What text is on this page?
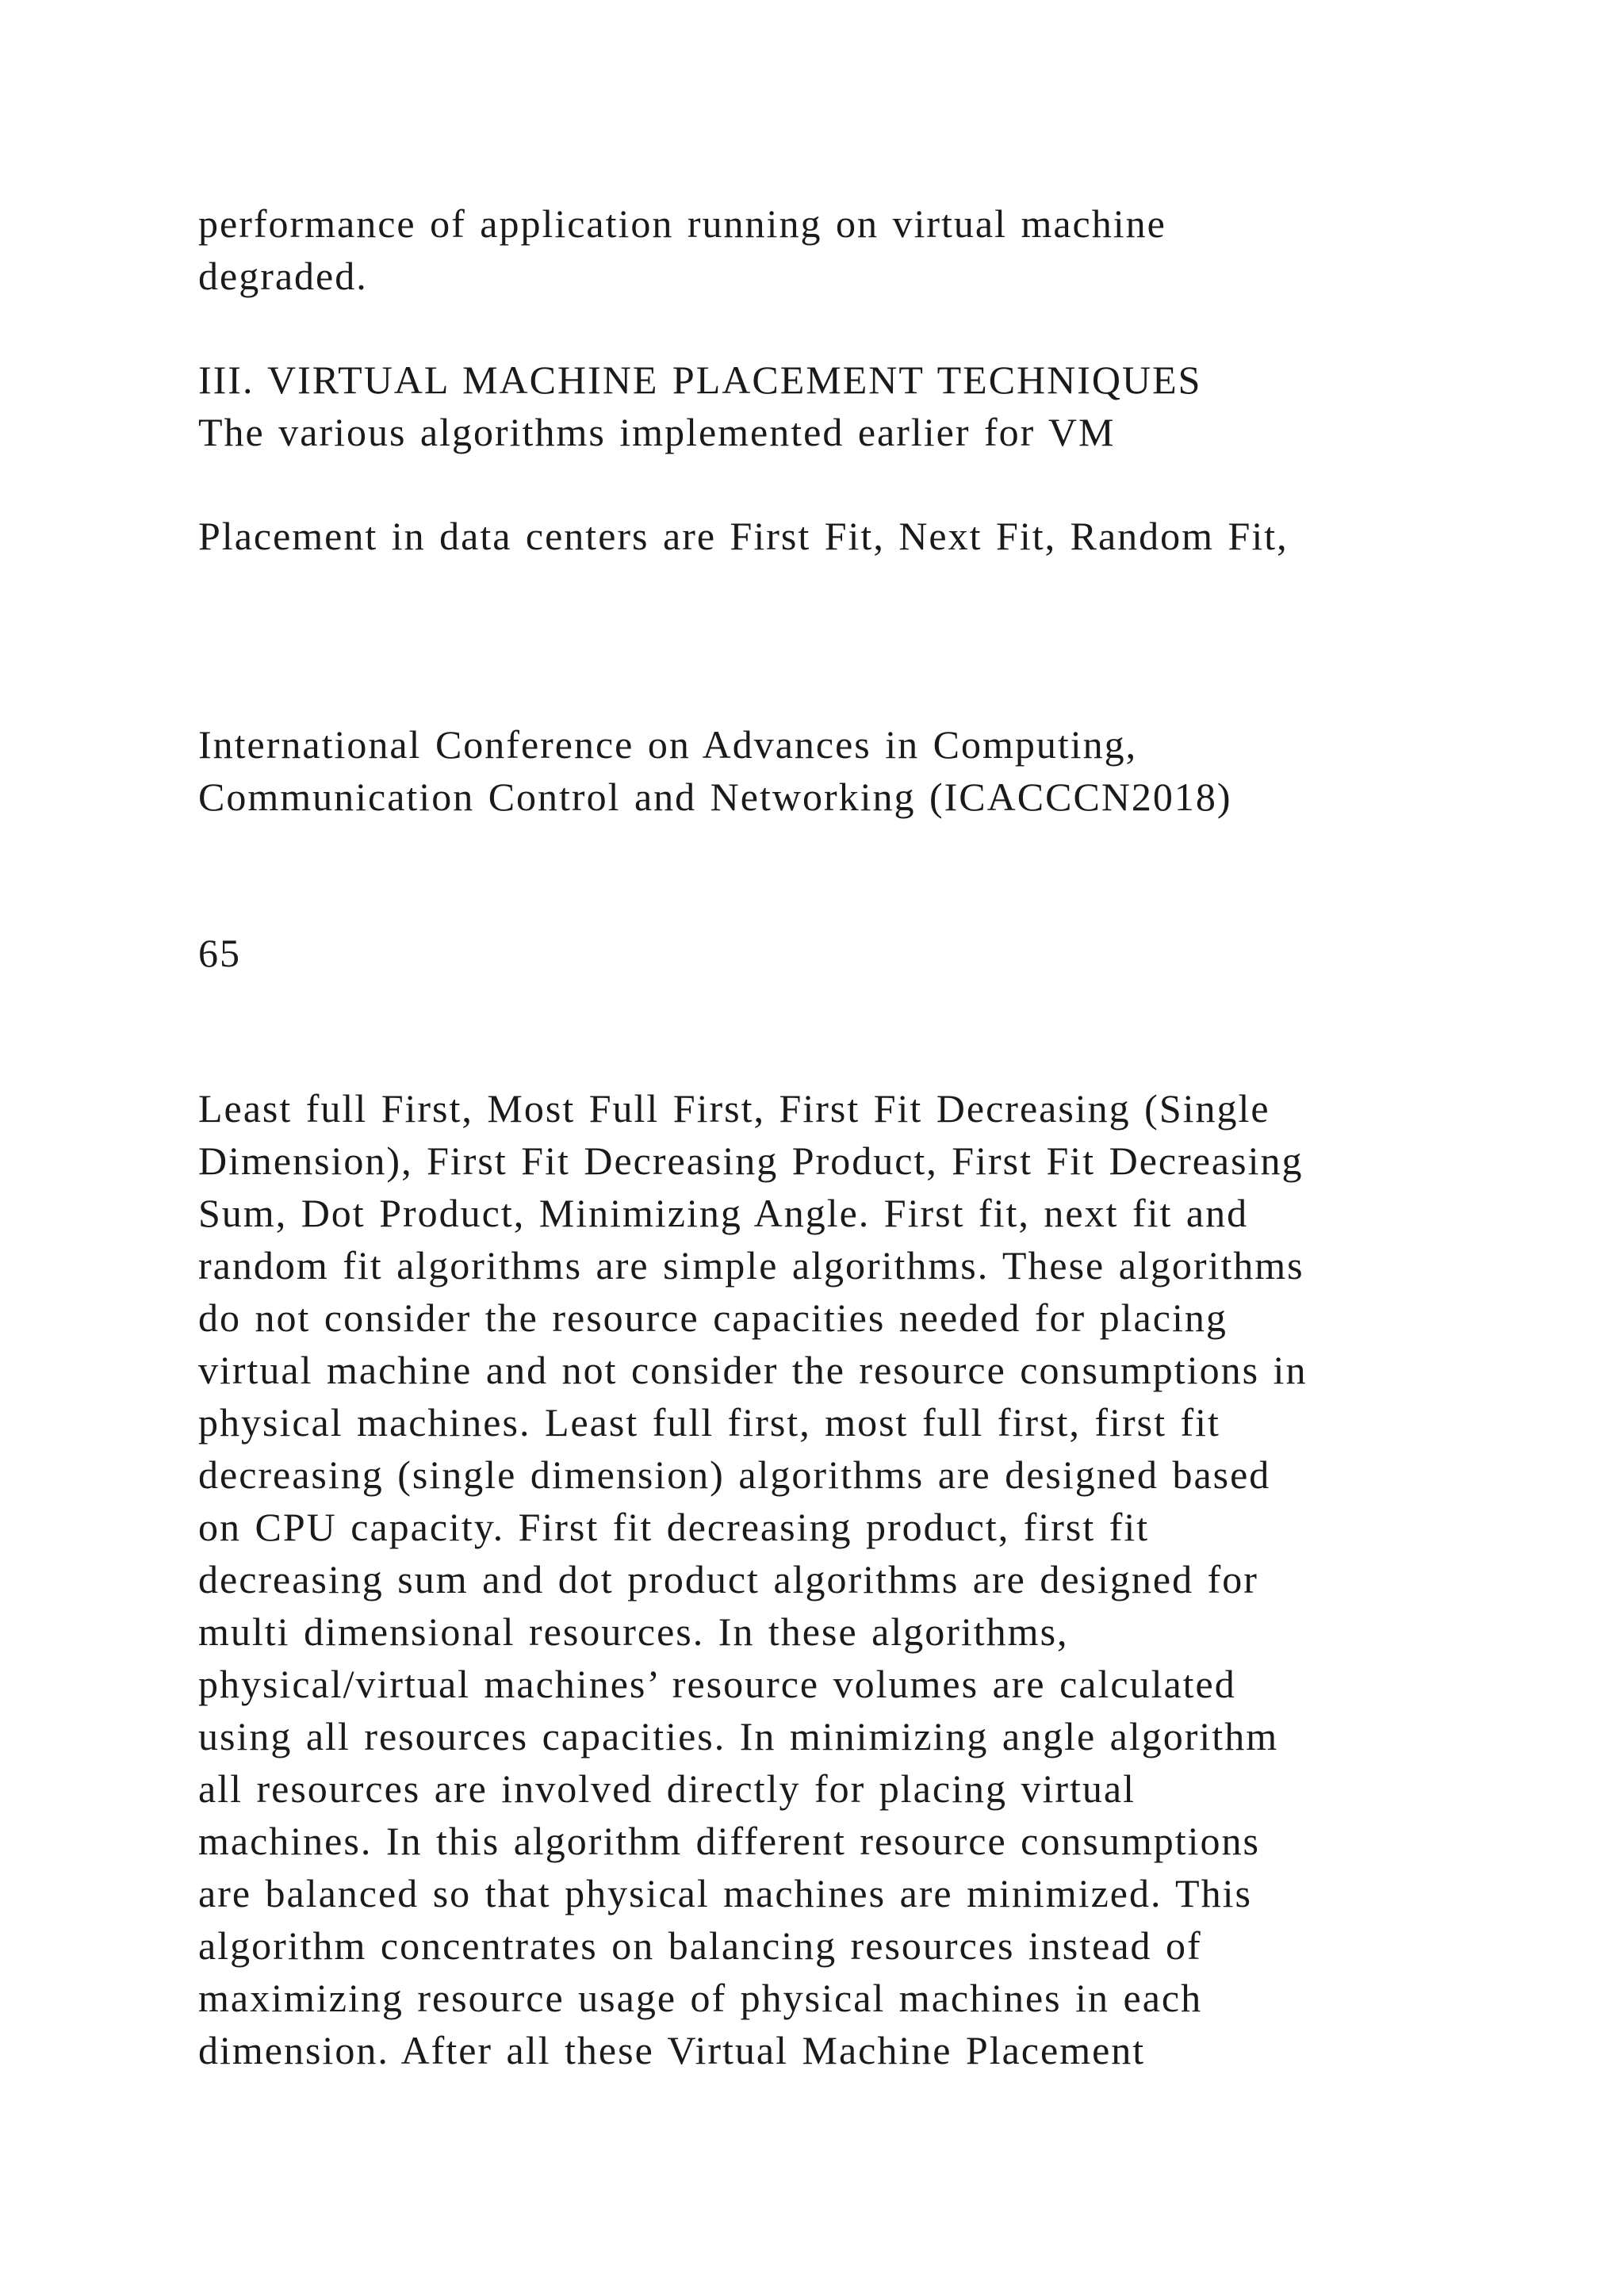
performance of application running on virtual machine
degraded.
III. VIRTUAL MACHINE PLACEMENT TECHNIQUES
The various algorithms implemented earlier for VM
Placement in data centers are First Fit, Next Fit, Random Fit,
International Conference on Advances in Computing,
Communication Control and Networking (ICACCCN2018)
65
Least full First, Most Full First, First Fit Decreasing (Single
Dimension), First Fit Decreasing Product, First Fit Decreasing
Sum, Dot Product, Minimizing Angle. First fit, next fit and
random fit algorithms are simple algorithms. These algorithms
do not consider the resource capacities needed for placing
virtual machine and not consider the resource consumptions in
physical machines. Least full first, most full first, first fit
decreasing (single dimension) algorithms are designed based
on CPU capacity. First fit decreasing product, first fit
decreasing sum and dot product algorithms are designed for
multi dimensional resources. In these algorithms,
physical/virtual machines’ resource volumes are calculated
using all resources capacities. In minimizing angle algorithm
all resources are involved directly for placing virtual
machines. In this algorithm different resource consumptions
are balanced so that physical machines are minimized. This
algorithm concentrates on balancing resources instead of
maximizing resource usage of physical machines in each
dimension. After all these Virtual Machine Placement
